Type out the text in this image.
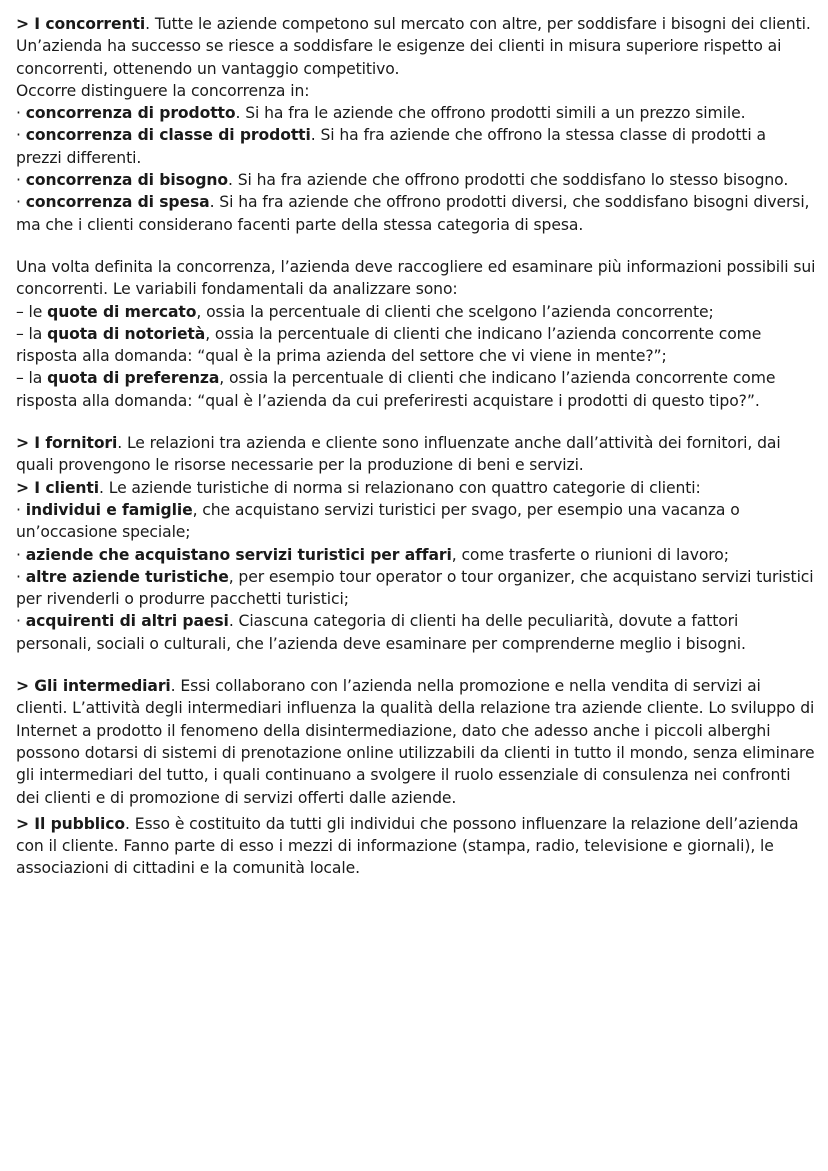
> I concorrenti. Tutte le aziende competono sul mercato con altre, per soddisfare i bisogni dei clienti. Un’azienda ha successo se riesce a soddisfare le esigenze dei clienti in misura superiore rispetto ai concorrenti, ottenendo un vantaggio competitivo.

Occorre distinguere la concorrenza in:

· concorrenza di prodotto. Si ha fra le aziende che offrono prodotti simili a un prezzo simile.

· concorrenza di classe di prodotti. Si ha fra aziende che offrono la stessa classe di prodotti a prezzi differenti.

· concorrenza di bisogno. Si ha fra aziende che offrono prodotti che soddisfano lo stesso bisogno.

· concorrenza di spesa. Si ha fra aziende che offrono prodotti diversi, che soddisfano bisogni diversi, ma che i clienti considerano facenti parte della stessa categoria di spesa.

Una volta definita la concorrenza, l’azienda deve raccogliere ed esaminare più informazioni possibili sui concorrenti. Le variabili fondamentali da analizzare sono:

– le quote di mercato, ossia la percentuale di clienti che scelgono l’azienda concorrente;

– la quota di notorietà, ossia la percentuale di clienti che indicano l’azienda concorrente come risposta alla domanda: “qual è la prima azienda del settore che vi viene in mente?”;

– la quota di preferenza, ossia la percentuale di clienti che indicano l’azienda concorrente come risposta alla domanda: “qual è l’azienda da cui preferiresti acquistare i prodotti di questo tipo?”.

> I fornitori. Le relazioni tra azienda e cliente sono influenzate anche dall’attività dei fornitori, dai quali provengono le risorse necessarie per la produzione di beni e servizi.

> I clienti. Le aziende turistiche di norma si relazionano con quattro categorie di clienti:

· individui e famiglie, che acquistano servizi turistici per svago, per esempio una vacanza o un’occasione speciale;

· aziende che acquistano servizi turistici per affari, come trasferte o riunioni di lavoro;

· altre aziende turistiche, per esempio tour operator o tour organizer, che acquistano servizi turistici per rivenderli o produrre pacchetti turistici;

· acquirenti di altri paesi. Ciascuna categoria di clienti ha delle peculiarità, dovute a fattori personali, sociali o culturali, che l’azienda deve esaminare per comprenderne meglio i bisogni.

> Gli intermediari. Essi collaborano con l’azienda nella promozione e nella vendita di servizi ai clienti. L’attività degli intermediari influenza la qualità della relazione tra aziende cliente. Lo sviluppo di Internet a prodotto il fenomeno della disintermediazione, dato che adesso anche i piccoli alberghi possono dotarsi di sistemi di prenotazione online utilizzabili da clienti in tutto il mondo, senza eliminare gli intermediari del tutto, i quali continuano a svolgere il ruolo essenziale di consulenza nei confronti dei clienti e di promozione di servizi offerti dalle aziende.

> Il pubblico. Esso è costituito da tutti gli individui che possono influenzare la relazione dell’azienda con il cliente. Fanno parte di esso i mezzi di informazione (stampa, radio, televisione e giornali), le associazioni di cittadini e la comunità locale.
